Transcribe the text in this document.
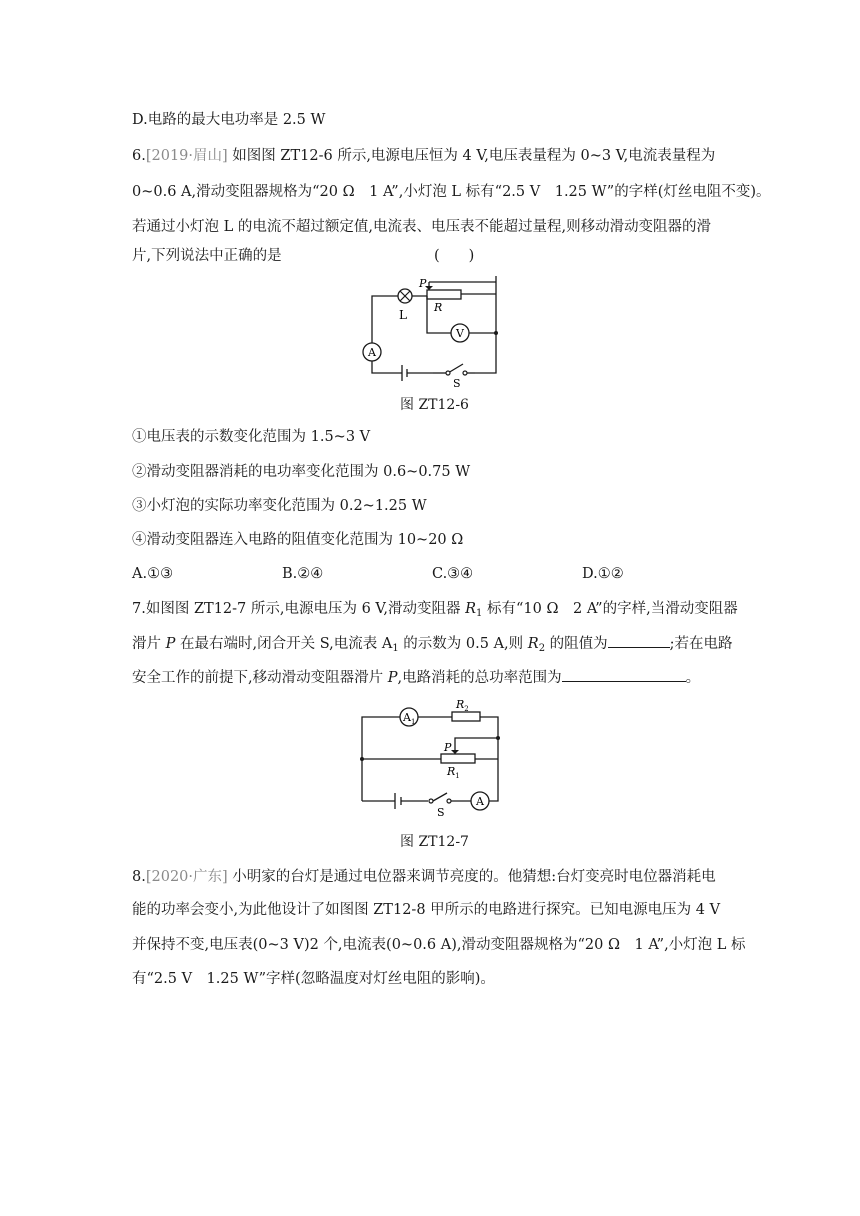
D.电路的最大电功率是 2.5 W
6.[2019·眉山] 如图图 ZT12-6 所示,电源电压恒为 4 V,电压表量程为 0~3 V,电流表量程为
0~0.6 A,滑动变阻器规格为“20 Ω　1 A”,小灯泡 L 标有“2.5 V　1.25 W”的字样(灯丝电阻不变)。
若通过小灯泡 L 的电流不超过额定值,电流表、电压表不能超过量程,则移动滑动变阻器的滑
片,下列说法中正确的是	(　　)
L
P
R
V
A
S
图 ZT12-6
①电压表的示数变化范围为 1.5~3 V
②滑动变阻器消耗的电功率变化范围为 0.6~0.75 W
③小灯泡的实际功率变化范围为 0.2~1.25 W
④滑动变阻器连入电路的阻值变化范围为 10~20 Ω
A.①③	B.②④	C.③④	D.①②
7.如图图 ZT12-7 所示,电源电压为 6 V,滑动变阻器 $R_1$ 标有“10 Ω　2 A”的字样,当滑动变阻器
滑片 P 在最右端时,闭合开关 S,电流表 $A_1$ 的示数为 0.5 A,则 $R_2$ 的阻值为	;若在电路
安全工作的前提下,移动滑动变阻器滑片 P,电路消耗的总功率范围为	。
$A_1$
$R_2$
P
$R_1$
S
A
图 ZT12-7
8.[2020·广东] 小明家的台灯是通过电位器来调节亮度的。他猜想:台灯变亮时电位器消耗电
能的功率会变小,为此他设计了如图图 ZT12-8 甲所示的电路进行探究。已知电源电压为 4 V
并保持不变,电压表(0~3 V)2 个,电流表(0~0.6 A),滑动变阻器规格为“20 Ω　1 A”,小灯泡 L 标
有“2.5 V　1.25 W”字样(忽略温度对灯丝电阻的影响)。
